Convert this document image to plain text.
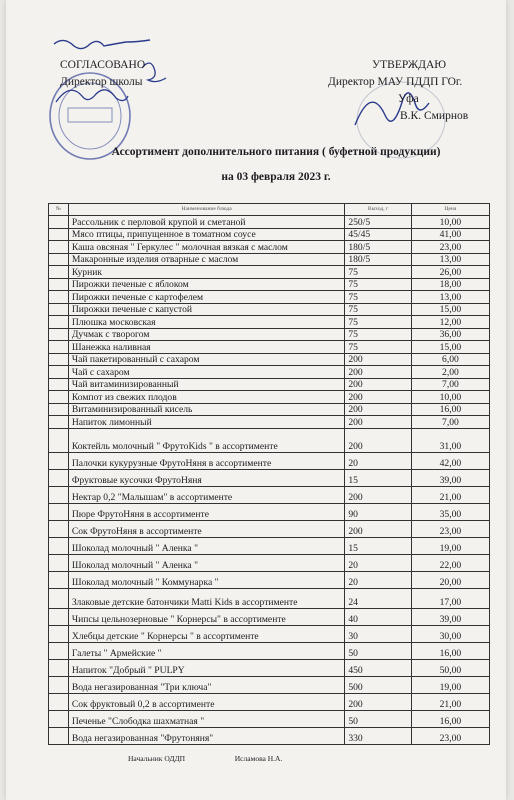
СОГЛАСОВАНО
Директор школы
УТВЕРЖДАЮ
Директор МАУ ПДДП ГОг.
Уфа
В.К. Смирнов
Ассортимент дополнительного питания ( буфетной продукции)
на 03 февраля 2023 г.
№	Наименование блюда	Выход, г	Цена
	Рассольник с перловой крупой и сметаной	250/5	10,00
	Мясо птицы, припущенное в томатном соусе	45/45	41,00
	Каша овсяная " Геркулес " молочная вязкая с маслом	180/5	23,00
	Макаронные изделия отварные с маслом	180/5	13,00
	Курник	75	26,00
	Пирожки печеные с яблоком	75	18,00
	Пирожки печеные с картофелем	75	13,00
	Пирожки печеные с капустой	75	15,00
	Плюшка московская	75	12,00
	Дучмак с творогом	75	36,00
	Шанежка наливная	75	15,00
	Чай пакетированный с сахаром	200	6,00
	Чай с сахаром	200	2,00
	Чай витаминизированный	200	7,00
	Компот из свежих плодов	200	10,00
	Витаминизированный кисель	200	16,00
	Напиток лимонный	200	7,00
	Коктейль молочный " ФрутоKids " в ассортименте	200	31,00
	Палочки кукурузные ФрутоНяня в ассортименте	20	42,00
	Фруктовые кусочки ФрутоНяня	15	39,00
	Нектар 0,2 "Малышам" в ассортименте	200	21,00
	Пюре ФрутоНяня в ассортименте	90	35,00
	Сок ФрутоНяня в ассортименте	200	23,00
	Шоколад молочный " Аленка "	15	19,00
	Шоколад молочный " Аленка "	20	22,00
	Шоколад молочный " Коммунарка "	20	20,00
	Злаковые детские батончики Matti Kids в ассортименте	24	17,00
	Чипсы цельнозерновые " Корнерсы" в ассортименте	40	39,00
	Хлебцы детские " Корнерсы " в ассортименте	30	30,00
	Галеты " Армейские "	50	16,00
	Напиток "Добрый " PULPY	450	50,00
	Вода негазированная "Три ключа"	500	19,00
	Сок фруктовый 0,2 в ассортименте	200	21,00
	Печенье "Слободка шахматная "	50	16,00
	Вода негазированная "Фрутоняня"	330	23,00
Начальник ОДДП	Исламова Н.А.
